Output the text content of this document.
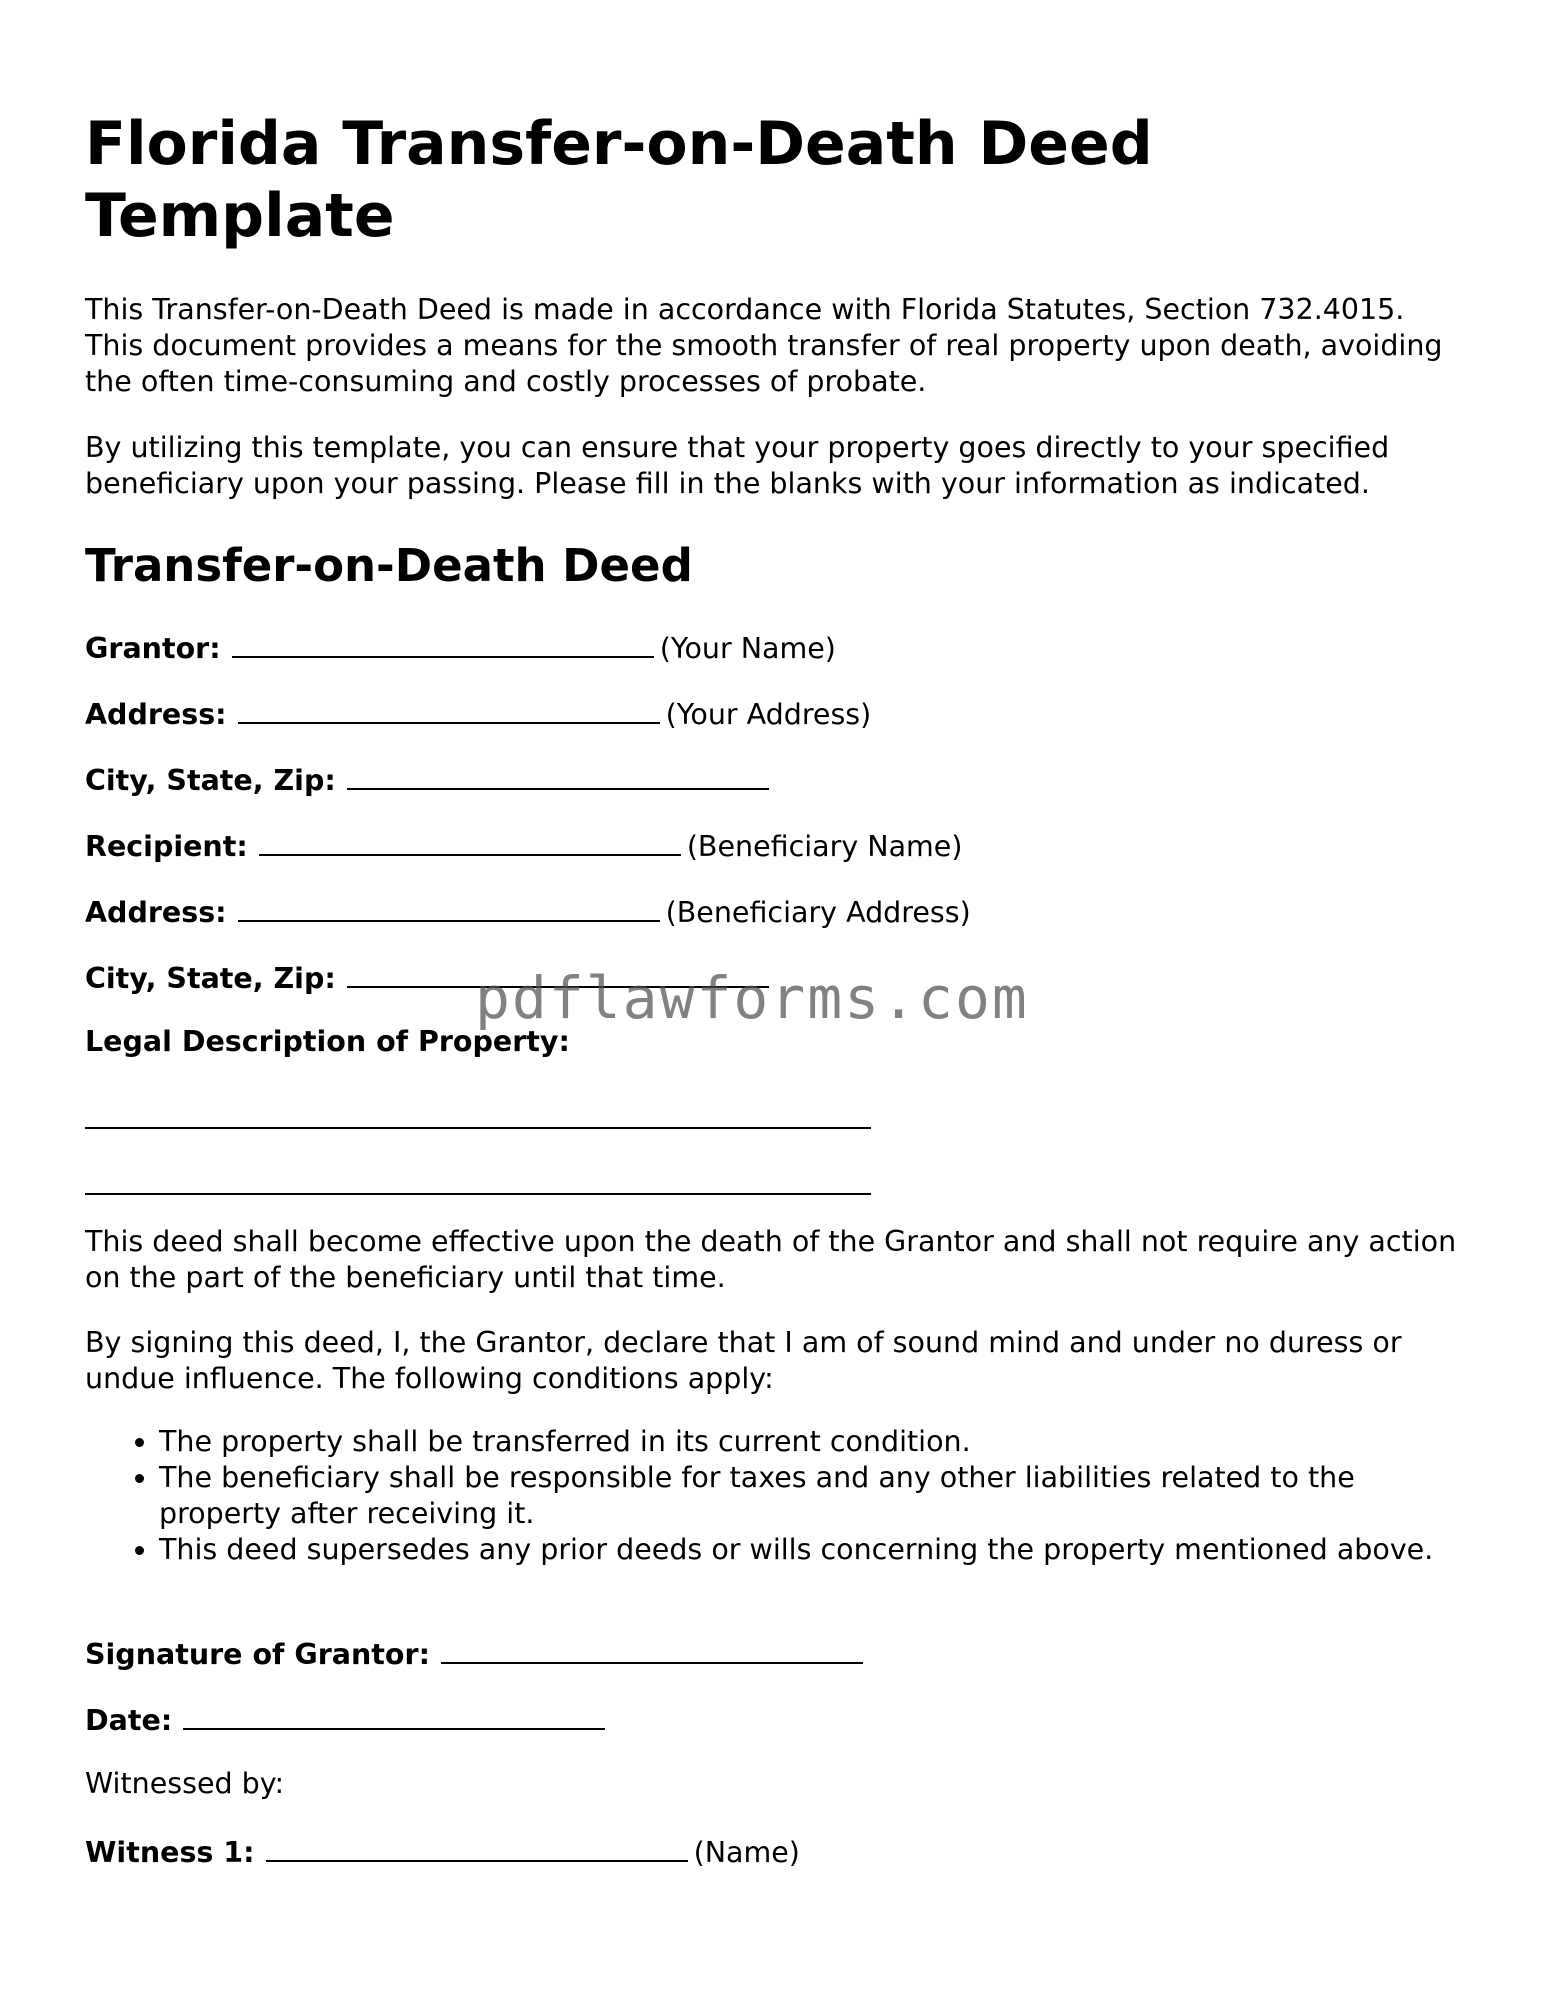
Florida Transfer-on-Death Deed Template

This Transfer-on-Death Deed is made in accordance with Florida Statutes, Section 732.4015. This document provides a means for the smooth transfer of real property upon death, avoiding the often time-consuming and costly processes of probate.

By utilizing this template, you can ensure that your property goes directly to your specified beneficiary upon your passing. Please fill in the blanks with your information as indicated.

Transfer-on-Death Deed
Grantor:	(Your Name)
Address:	(Your Address)
City, State, Zip:
Recipient:	(Beneficiary Name)
Address:	(Beneficiary Address)
City, State, Zip:
Legal Description of Property:

This deed shall become effective upon the death of the Grantor and shall not require any action on the part of the beneficiary until that time.

By signing this deed, I, the Grantor, declare that I am of sound mind and under no duress or undue influence. The following conditions apply:

• The property shall be transferred in its current condition.
• The beneficiary shall be responsible for taxes and any other liabilities related to the property after receiving it.
• This deed supersedes any prior deeds or wills concerning the property mentioned above.
Signature of Grantor:
Date:
Witnessed by:
Witness 1:	(Name)
pdflawforms.com
